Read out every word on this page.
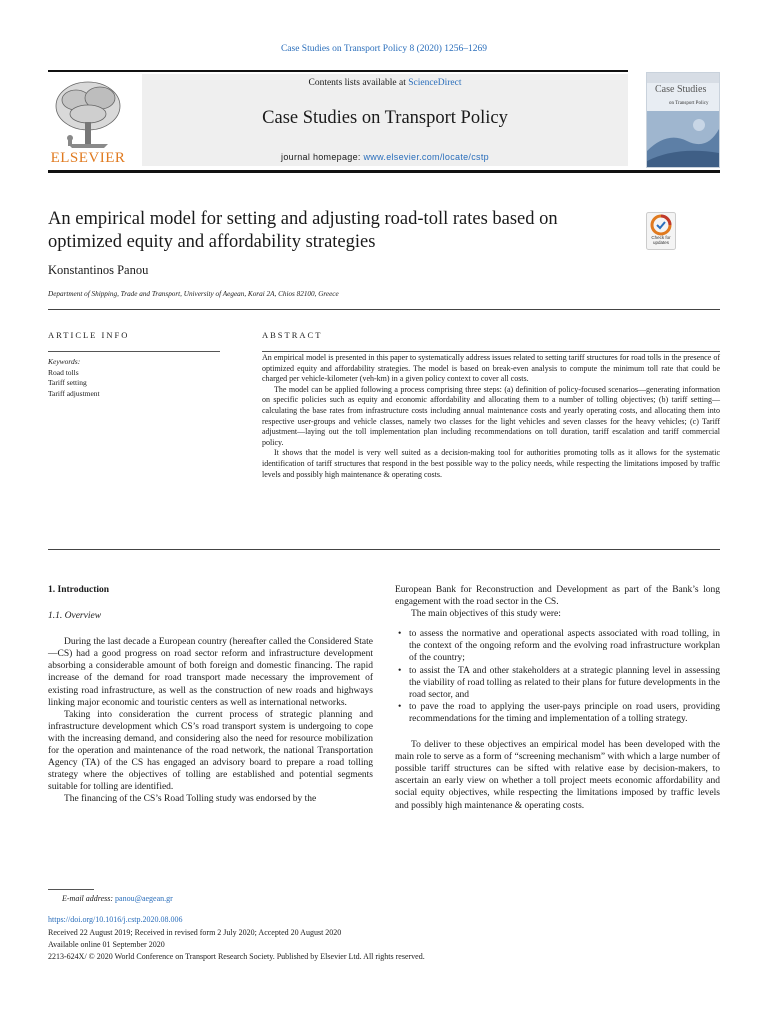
Case Studies on Transport Policy 8 (2020) 1256–1269
ELSEVIER
Contents lists available at ScienceDirect
Case Studies on Transport Policy
journal homepage: www.elsevier.com/locate/cstp
Case Studies
on Transport Policy
An empirical model for setting and adjusting road-toll rates based on optimized equity and affordability strategies	Check for updates
Konstantinos Panou
Department of Shipping, Trade and Transport, University of Aegean, Korai 2A, Chios 82100, Greece
ARTICLE INFO	ABSTRACT
Keywords:
Road tolls
Tariff setting
Tariff adjustment

An empirical model is presented in this paper to systematically address issues related to setting tariff structures for road tolls in the presence of optimized equity and affordability strategies. The model is based on break-even analysis to compute the minimum toll rate that could be charged per vehicle-kilometer (veh-km) in a given policy context to cover all costs.

The model can be applied following a process comprising three steps: (a) definition of policy-focused scenarios—generating information on specific policies such as equity and economic affordability and allocating them to a number of tolling objectives; (b) tariff setting—calculating the base rates from infrastructure costs including annual maintenance costs and yearly operating costs, and allocating them into respective user-groups and vehicle classes, namely two classes for the light vehicles and seven classes for the heavy vehicles; (c) Tariff adjustment—laying out the toll implementation plan including recommendations on toll duration, tariff escalation and tariff commercial policy.

It shows that the model is very well suited as a decision-making tool for authorities promoting tolls as it allows for the systematic identification of tariff structures that respond in the best possible way to the policy needs, while respecting the limitations imposed by traffic levels and possibly high maintenance & operating costs.

1. Introduction

1.1. Overview

During the last decade a European country (hereafter called the Considered State—CS) had a good progress on road sector reform and infrastructure development absorbing a considerable amount of both foreign and domestic financing. The rapid increase of the demand for road transport made necessary the improvement of existing road infrastructure, as well as the construction of new roads and highways linking major economic and touristic centers as well as international networks.

Taking into consideration the current process of strategic planning and infrastructure development which CS’s road transport system is undergoing to cope with the increasing demand, and considering also the need for resource mobilization for the operation and maintenance of the road network, the national Transportation Agency (TA) of the CS has engaged an advisory board to prepare a road tolling strategy where the objectives of tolling are established and potential segments suitable for tolling are identified.

The financing of the CS’s Road Tolling study was endorsed by the

European Bank for Reconstruction and Development as part of the Bank’s long engagement with the road sector in the CS.

The main objectives of this study were:

• to assess the normative and operational aspects associated with road tolling, in the context of the ongoing reform and the evolving road infrastructure workplan of the country;
• to assist the TA and other stakeholders at a strategic planning level in assessing the viability of road tolling as related to their plans for future developments in the road sector, and
• to pave the road to applying the user-pays principle on road users, providing recommendations for the timing and implementation of a tolling strategy.

To deliver to these objectives an empirical model has been developed with the main role to serve as a form of “screening mechanism” with which a large number of possible tariff structures can be sifted with relative ease by decision-makers, to ascertain an early view on whether a toll project meets economic affordability and social equity objectives, while respecting the limitations imposed by traffic levels and possibly high maintenance & operating costs.

E-mail address: panou@aegean.gr
https://doi.org/10.1016/j.cstp.2020.08.006
Received 22 August 2019; Received in revised form 2 July 2020; Accepted 20 August 2020
Available online 01 September 2020
2213-624X/ © 2020 World Conference on Transport Research Society. Published by Elsevier Ltd. All rights reserved.
